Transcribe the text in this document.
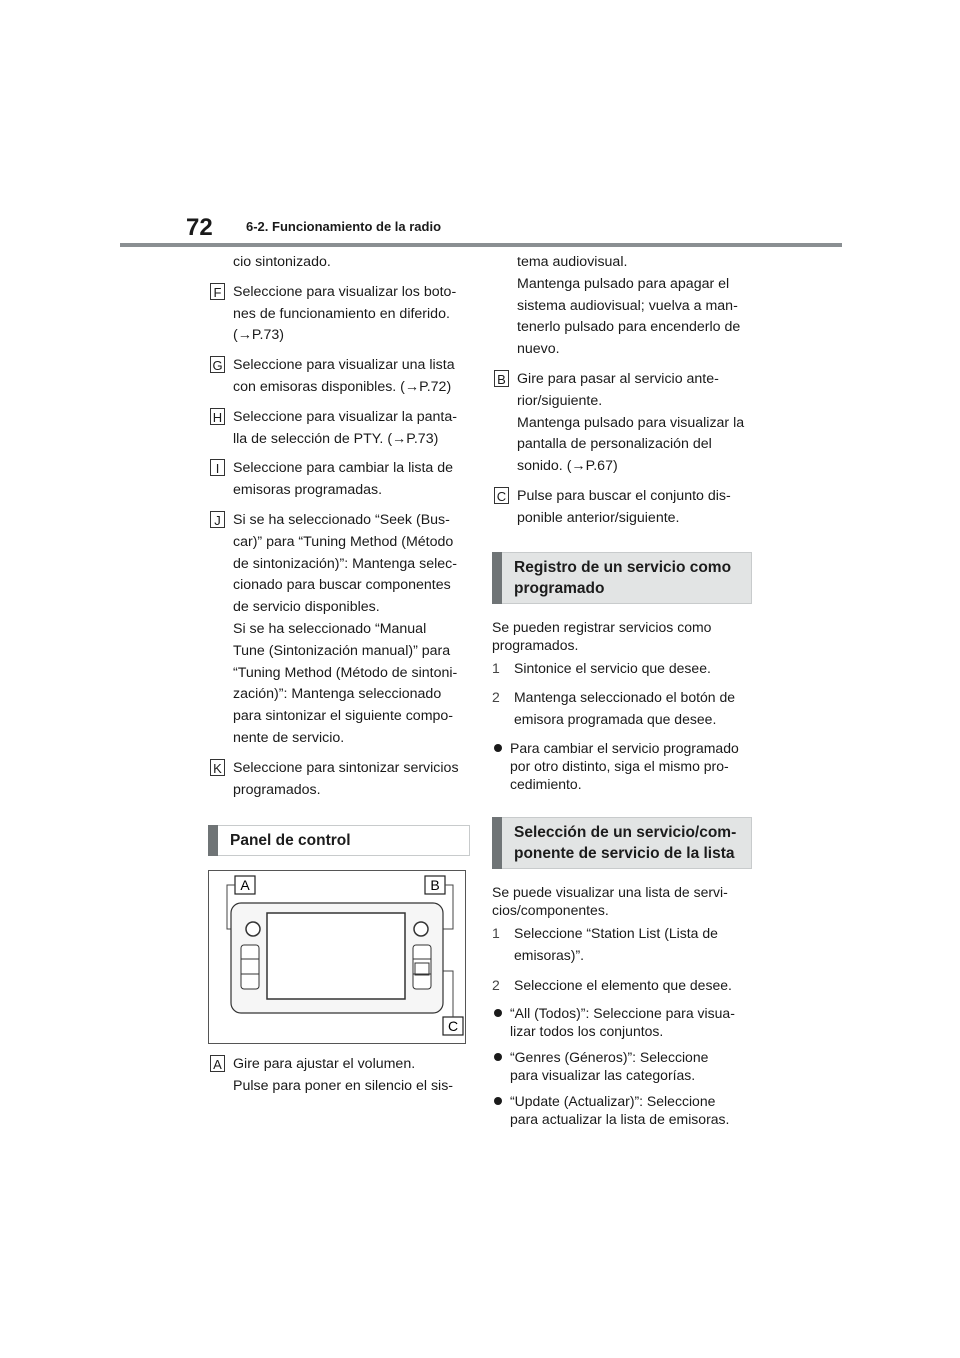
72	6-2. Funcionamiento de la radio

cio sintonizado.

F Seleccione para visualizar los boto-

nes de funcionamiento en diferido.

(→P.73)

G Seleccione para visualizar una lista

con emisoras disponibles. (→P.72)

H Seleccione para visualizar la panta-

lla de selección de PTY. (→P.73)

I Seleccione para cambiar la lista de

emisoras programadas.

J Si se ha seleccionado “Seek (Bus-

car)” para “Tuning Method (Método

de sintonización)”: Mantenga selec-

cionado para buscar componentes

de servicio disponibles.

Si se ha seleccionado “Manual

Tune (Sintonización manual)” para

“Tuning Method (Método de sintoni-

zación)”: Mantenga seleccionado

para sintonizar el siguiente compo-

nente de servicio.

K Seleccione para sintonizar servicios

programados.

Panel de control
A	B
C
A Gire para ajustar el volumen.

Pulse para poner en silencio el sis-

tema audiovisual.

Mantenga pulsado para apagar el

sistema audiovisual; vuelva a man-

tenerlo pulsado para encenderlo de

nuevo.

B Gire para pasar al servicio ante-

rior/siguiente.

Mantenga pulsado para visualizar la

pantalla de personalización del

sonido. (→P.67)

C Pulse para buscar el conjunto dis-

ponible anterior/siguiente.

Registro de un servicio como
programado
Se pueden registrar servicios como
programados.
1 Sintonice el servicio que desee.
2 Mantenga seleccionado el botón de
emisora programada que desee.
Para cambiar el servicio programado
por otro distinto, siga el mismo pro-
cedimiento.
Selección de un servicio/com-
ponente de servicio de la lista
Se puede visualizar una lista de servi-
cios/componentes.
1 Seleccione “Station List (Lista de
emisoras)”.
2 Seleccione el elemento que desee.
“All (Todos)”: Seleccione para visua-
lizar todos los conjuntos.
“Genres (Géneros)”: Seleccione
para visualizar las categorías.
“Update (Actualizar)”: Seleccione
para actualizar la lista de emisoras.
